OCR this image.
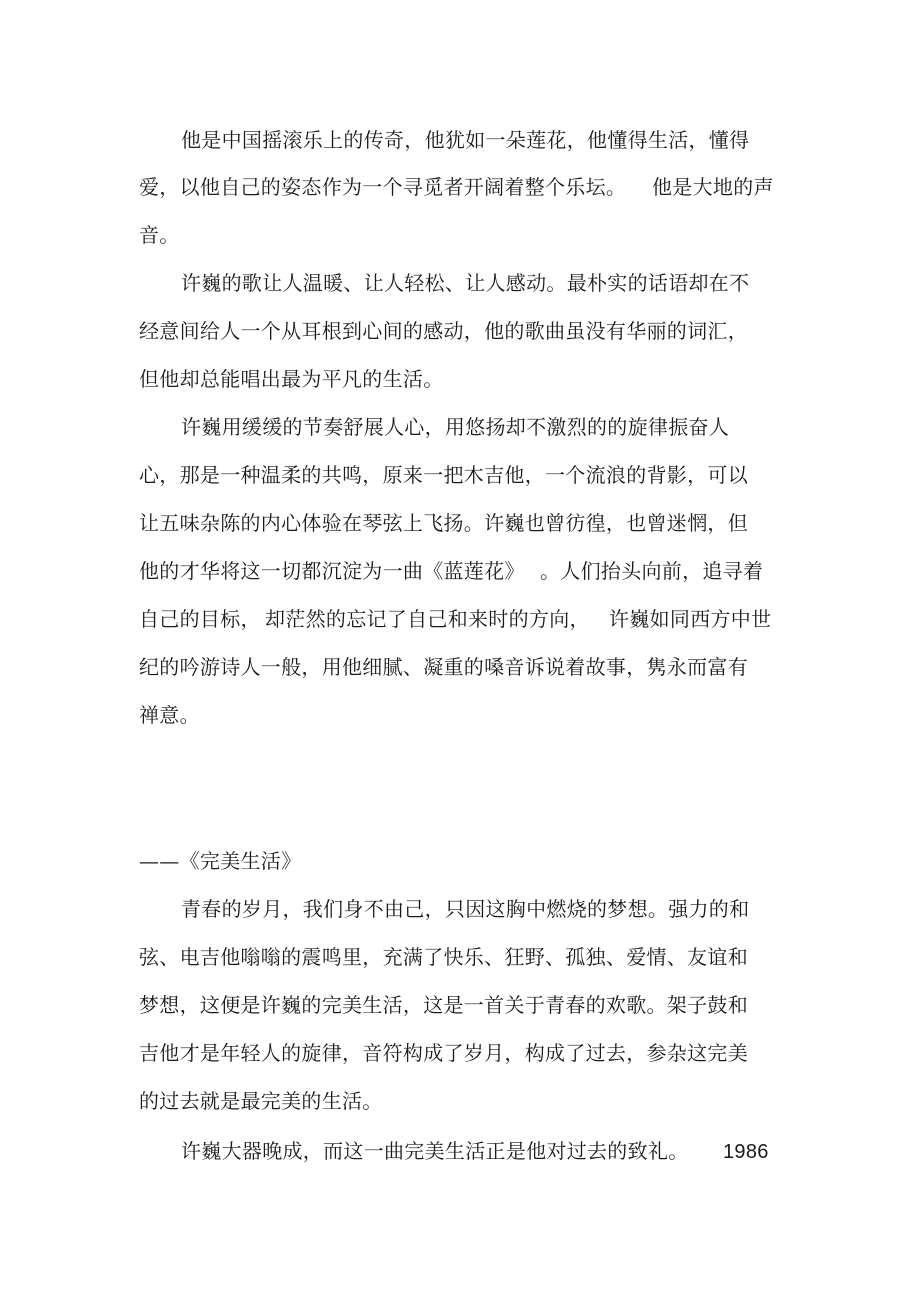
他是中国摇滚乐上的传奇，他犹如一朵莲花，他懂得生活，懂得
爱，以他自己的姿态作为一个寻觅者开阔着整个乐坛。 他是大地的声
音。
许巍的歌让人温暖、让人轻松、让人感动。最朴实的话语却在不
经意间给人一个从耳根到心间的感动，他的歌曲虽没有华丽的词汇，
但他却总能唱出最为平凡的生活。
许巍用缓缓的节奏舒展人心，用悠扬却不激烈的的旋律振奋人
心，那是一种温柔的共鸣，原来一把木吉他，一个流浪的背影，可以
让五味杂陈的内心体验在琴弦上飞扬。许巍也曾彷徨，也曾迷惘，但
他的才华将这一切都沉淀为一曲《蓝莲花》 。人们抬头向前，追寻着
自己的目标， 却茫然的忘记了自己和来时的方向， 许巍如同西方中世
纪的吟游诗人一般，用他细腻、凝重的嗓音诉说着故事，隽永而富有
禅意。
——《完美生活》
青春的岁月，我们身不由己，只因这胸中燃烧的梦想。强力的和
弦、电吉他嗡嗡的震鸣里，充满了快乐、狂野、孤独、爱情、友谊和
梦想，这便是许巍的完美生活，这是一首关于青春的欢歌。架子鼓和
吉他才是年轻人的旋律，音符构成了岁月，构成了过去，参杂这完美
的过去就是最完美的生活。
许巍大器晚成，而这一曲完美生活正是他对过去的致礼。 1986
